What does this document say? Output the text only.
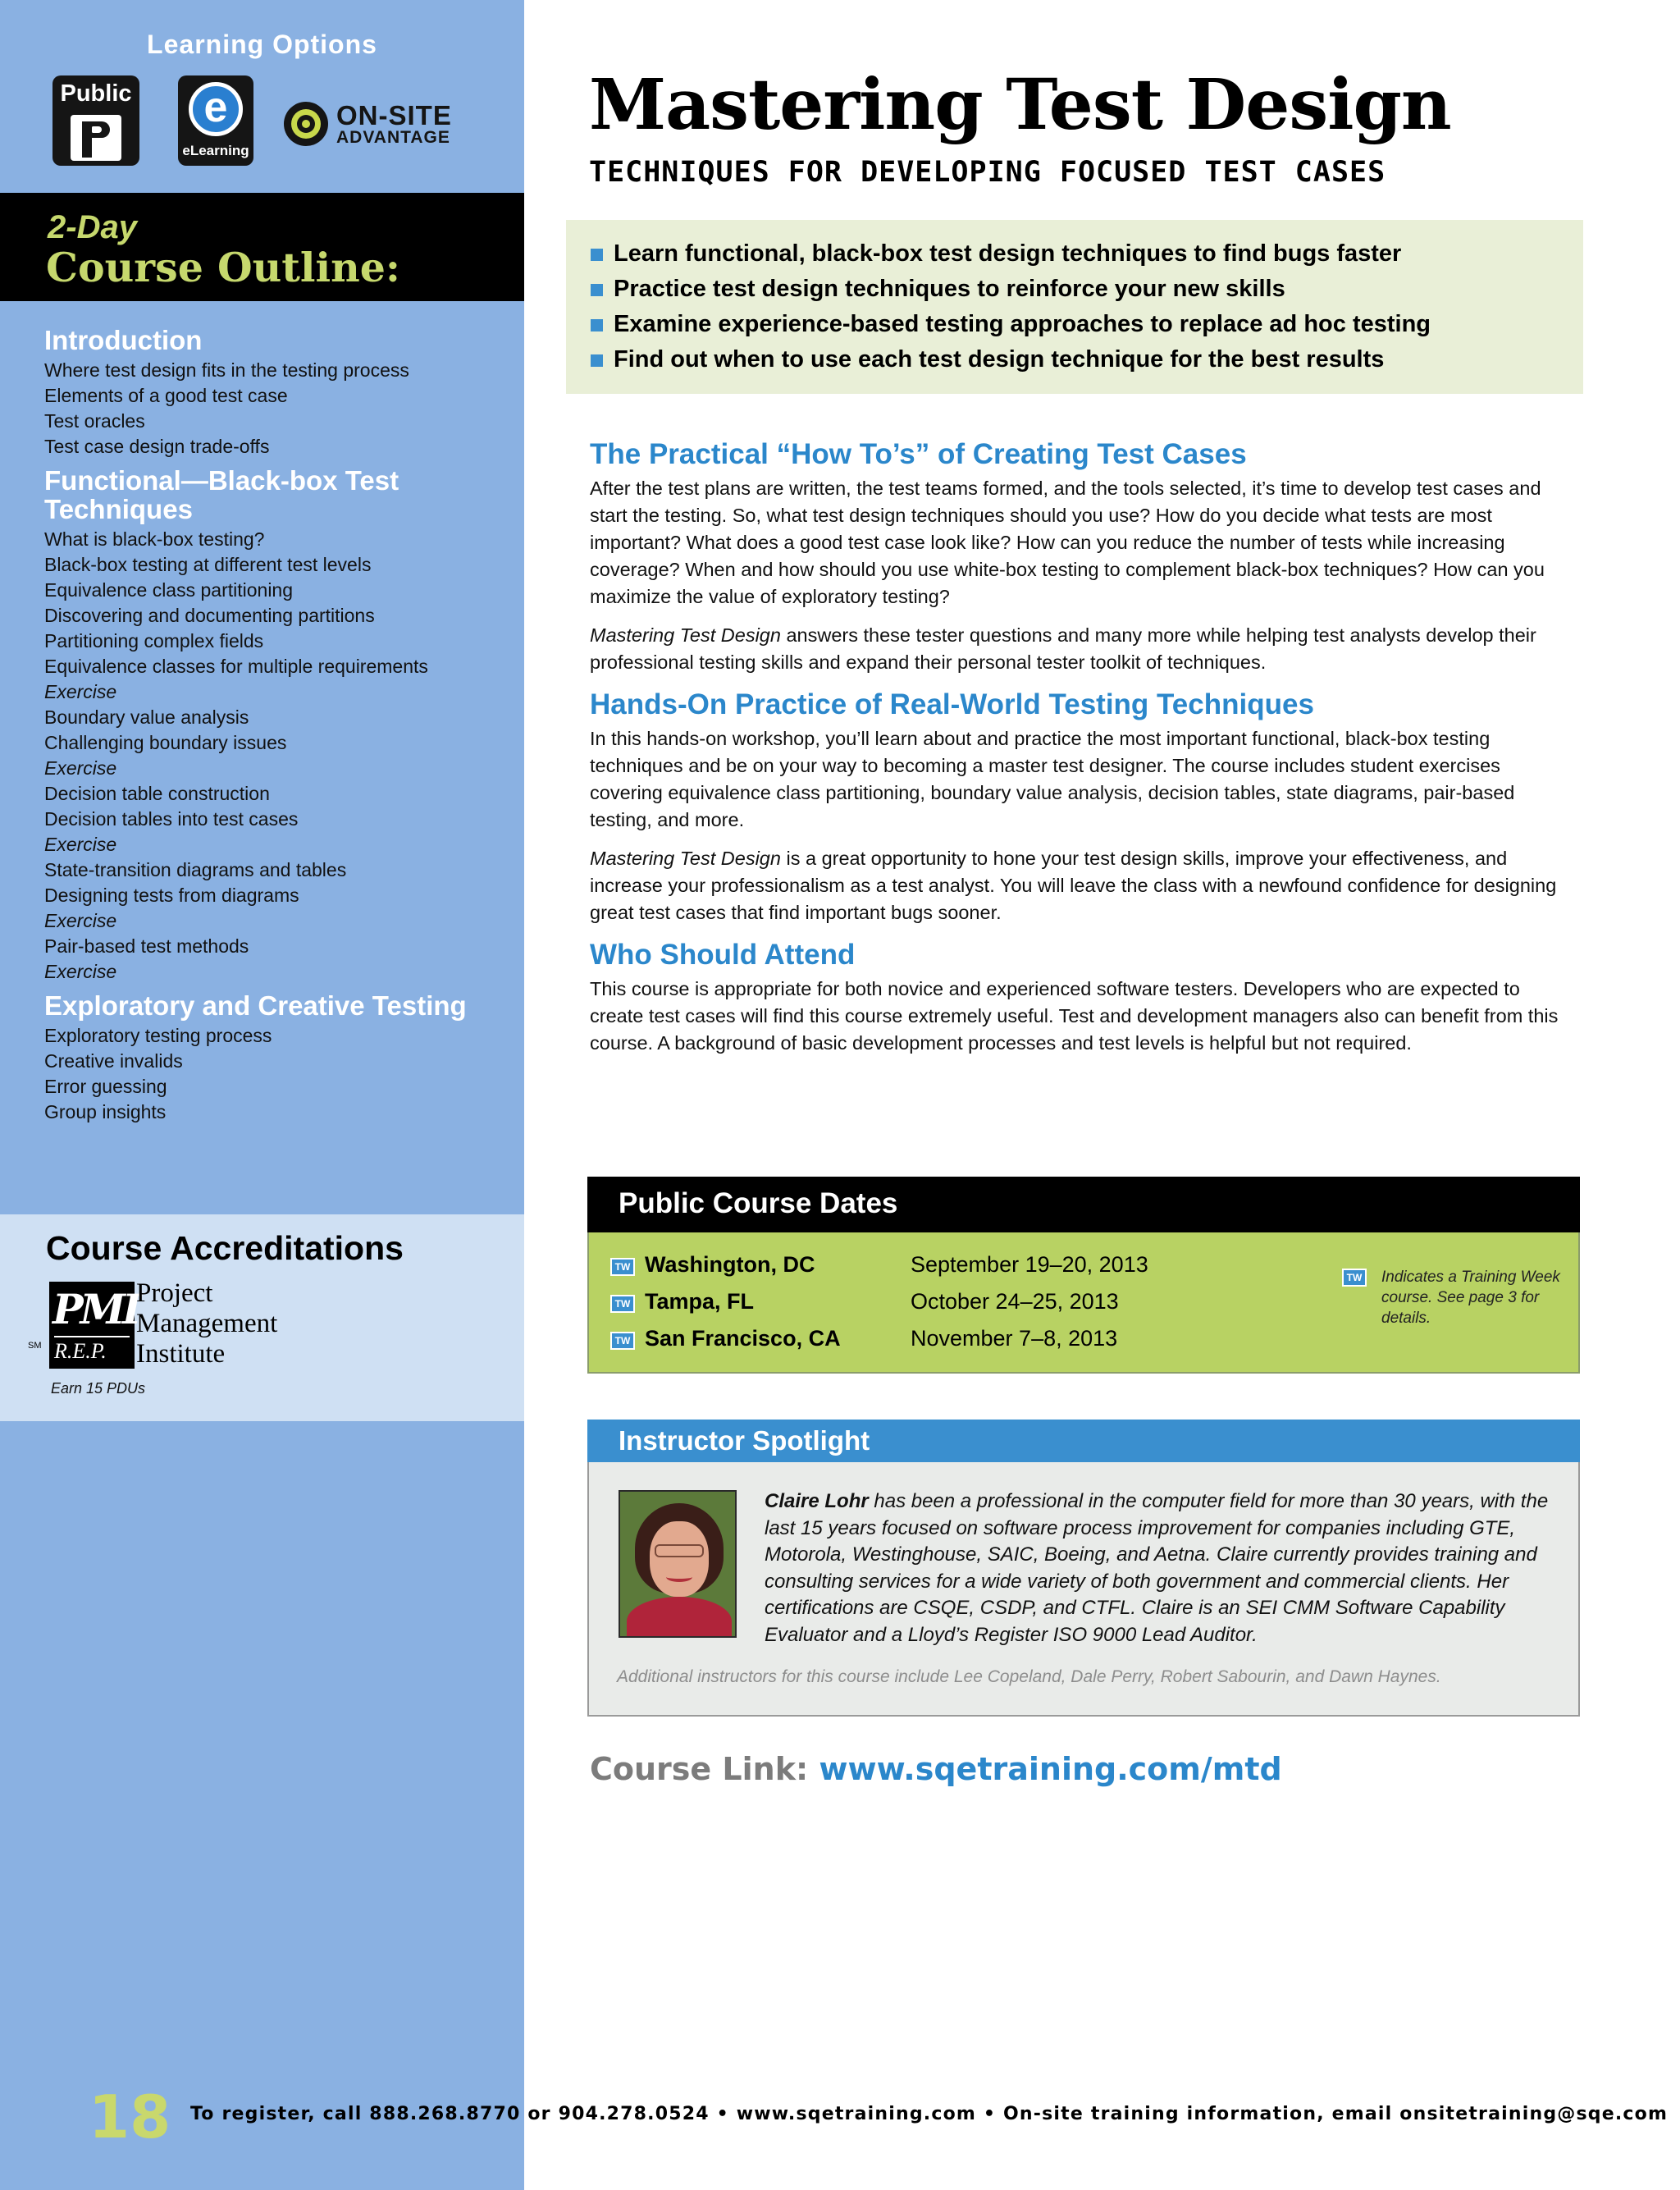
Learning Options
Public	e
eLearning
ON-SITE
ADVANTAGE
2-Day
Course Outline:
Introduction
Where test design fits in the testing process
Elements of a good test case
Test oracles
Test case design trade-offs
Functional—Black-box Test Techniques
What is black-box testing?
Black-box testing at different test levels
Equivalence class partitioning
Discovering and documenting partitions
Partitioning complex fields
Equivalence classes for multiple requirements
Exercise
Boundary value analysis
Challenging boundary issues
Exercise
Decision table construction
Decision tables into test cases
Exercise
State-transition diagrams and tables
Designing tests from diagrams
Exercise
Pair-based test methods
Exercise
Exploratory and Creative Testing
Exploratory testing process
Creative invalids
Error guessing
Group insights
Course Accreditations
SM
PMI
R.E.P.
Project
Management
Institute
Earn 15 PDUs
18
Mastering Test Design
TECHNIQUES FOR DEVELOPING FOCUSED TEST CASES
Learn functional, black-box test design techniques to find bugs faster
Practice test design techniques to reinforce your new skills
Examine experience-based testing approaches to replace ad hoc testing
Find out when to use each test design technique for the best results
The Practical “How To’s” of Creating Test Cases

After the test plans are written, the test teams formed, and the tools selected, it’s time to develop test cases and start the testing. So, what test design techniques should you use? How do you decide what tests are most important? What does a good test case look like? How can you reduce the number of tests while increasing coverage? When and how should you use white-box testing to complement black-box techniques? How can you maximize the value of exploratory testing?

Mastering Test Design answers these tester questions and many more while helping test analysts develop their professional testing skills and expand their personal tester toolkit of techniques.

Hands-On Practice of Real-World Testing Techniques

In this hands-on workshop, you’ll learn about and practice the most important functional, black-box testing techniques and be on your way to becoming a master test designer. The course includes student exercises covering equivalence class partitioning, boundary value analysis, decision tables, state diagrams, pair-based testing, and more.

Mastering Test Design is a great opportunity to hone your test design skills, improve your effectiveness, and increase your professionalism as a test analyst. You will leave the class with a newfound confidence for designing great test cases that find important bugs sooner.

Who Should Attend

This course is appropriate for both novice and experienced software testers. Developers who are expected to create test cases will find this course extremely useful. Test and development managers also can benefit from this course. A background of basic development processes and test levels is helpful but not required.

Public Course Dates
TW Washington, DC	September 19–20, 2013
TW Tampa, FL	October 24–25, 2013
TW San Francisco, CA	November 7–8, 2013
TW Indicates a Training Week course. See page 3 for details.
Instructor Spotlight
Claire Lohr has been a professional in the computer field for more than 30 years, with the last 15 years focused on software process improvement for companies including GTE, Motorola, Westinghouse, SAIC, Boeing, and Aetna. Claire currently provides training and consulting services for a wide variety of both government and commercial clients. Her certifications are CSQE, CSDP, and CTFL. Claire is an SEI CMM Software Capability Evaluator and a Lloyd’s Register ISO 9000 Lead Auditor.
Additional instructors for this course include Lee Copeland, Dale Perry, Robert Sabourin, and Dawn Haynes.
Course Link: www.sqetraining.com/mtd
To register, call 888.268.8770 or 904.278.0524 • www.sqetraining.com • On-site training information, email onsitetraining@sqe.com
